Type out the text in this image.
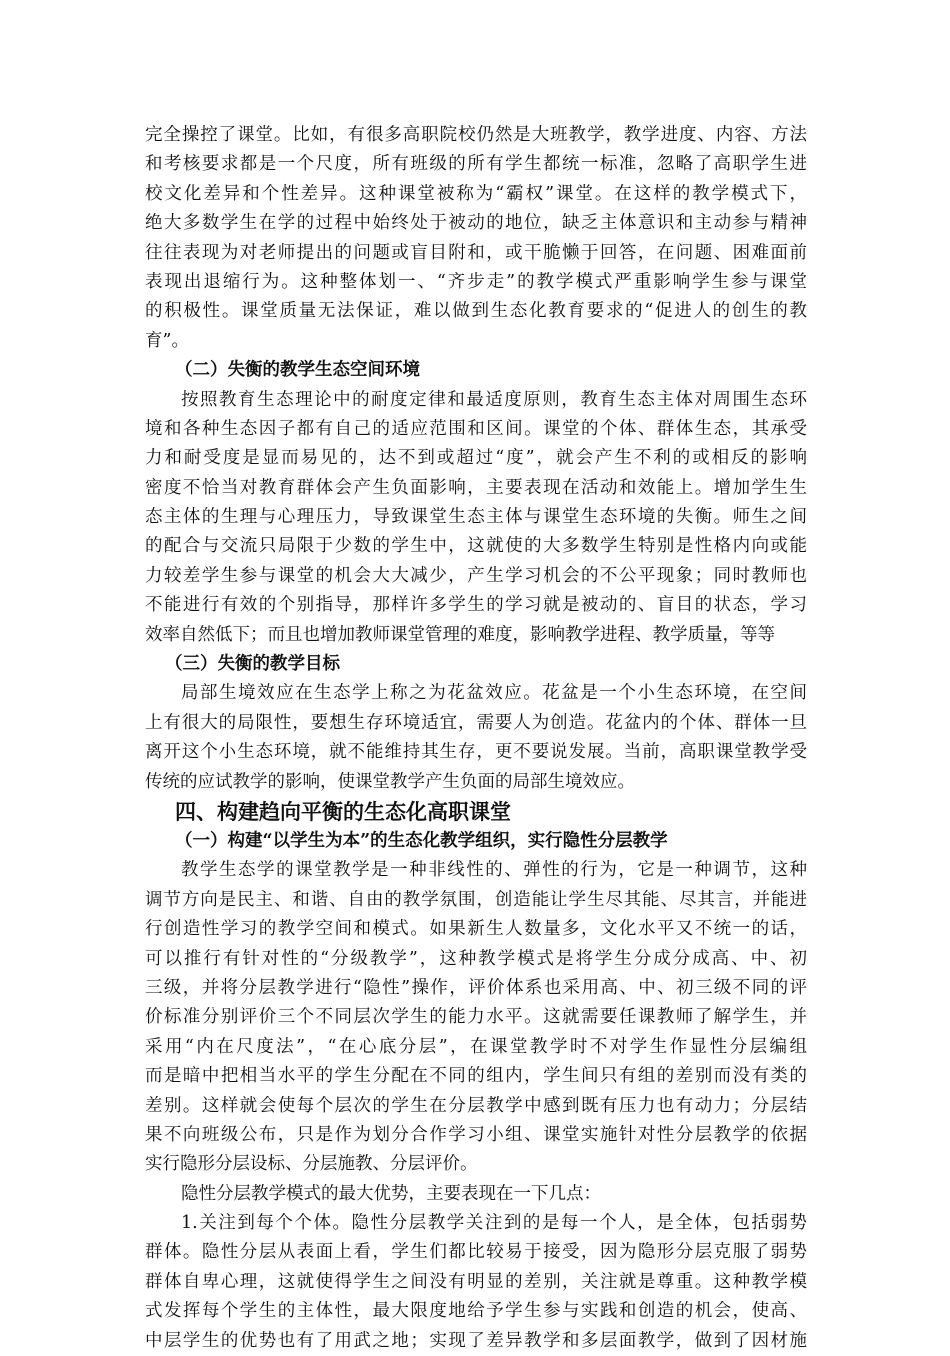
完全操控了课堂。比如，有很多高职院校仍然是大班教学，教学进度、内容、方法
和考核要求都是一个尺度，所有班级的所有学生都统一标准，忽略了高职学生进
校文化差异和个性差异。这种课堂被称为“霸权”课堂。在这样的教学模式下，
绝大多数学生在学的过程中始终处于被动的地位，缺乏主体意识和主动参与精神
往往表现为对老师提出的问题或盲目附和，或干脆懒于回答，在问题、困难面前
表现出退缩行为。这种整体划一、“齐步走”的教学模式严重影响学生参与课堂
的积极性。课堂质量无法保证，难以做到生态化教育要求的“促进人的创生的教
育”。
（二）失衡的教学生态空间环境
按照教育生态理论中的耐度定律和最适度原则，教育生态主体对周围生态环
境和各种生态因子都有自己的适应范围和区间。课堂的个体、群体生态，其承受
力和耐受度是显而易见的，达不到或超过“度”，就会产生不利的或相反的影响
密度不恰当对教育群体会产生负面影响，主要表现在活动和效能上。增加学生生
态主体的生理与心理压力，导致课堂生态主体与课堂生态环境的失衡。师生之间
的配合与交流只局限于少数的学生中，这就使的大多数学生特别是性格内向或能
力较差学生参与课堂的机会大大减少，产生学习机会的不公平现象；同时教师也
不能进行有效的个别指导，那样许多学生的学习就是被动的、盲目的状态，学习
效率自然低下；而且也增加教师课堂管理的难度，影响教学进程、教学质量，等等
（三）失衡的教学目标
局部生境效应在生态学上称之为花盆效应。花盆是一个小生态环境，在空间
上有很大的局限性，要想生存环境适宜，需要人为创造。花盆内的个体、群体一旦
离开这个小生态环境，就不能维持其生存，更不要说发展。当前，高职课堂教学受
传统的应试教学的影响，使课堂教学产生负面的局部生境效应。
四、构建趋向平衡的生态化高职课堂
（一）构建“以学生为本”的生态化教学组织，实行隐性分层教学
教学生态学的课堂教学是一种非线性的、弹性的行为，它是一种调节，这种
调节方向是民主、和谐、自由的教学氛围，创造能让学生尽其能、尽其言，并能进
行创造性学习的教学空间和模式。如果新生人数量多，文化水平又不统一的话，
可以推行有针对性的“分级教学”，这种教学模式是将学生分成分成高、中、初
三级，并将分层教学进行“隐性”操作，评价体系也采用高、中、初三级不同的评
价标准分别评价三个不同层次学生的能力水平。这就需要任课教师了解学生，并
采用“内在尺度法”，“在心底分层”，在课堂教学时不对学生作显性分层编组
而是暗中把相当水平的学生分配在不同的组内，学生间只有组的差别而没有类的
差别。这样就会使每个层次的学生在分层教学中感到既有压力也有动力；分层结
果不向班级公布，只是作为划分合作学习小组、课堂实施针对性分层教学的依据
实行隐形分层设标、分层施教、分层评价。
隐性分层教学模式的最大优势，主要表现在一下几点：
1.关注到每个个体。隐性分层教学关注到的是每一个人，是全体，包括弱势
群体。隐性分层从表面上看，学生们都比较易于接受，因为隐形分层克服了弱势
群体自卑心理，这就使得学生之间没有明显的差别，关注就是尊重。这种教学模
式发挥每个学生的主体性，最大限度地给予学生参与实践和创造的机会，使高、
中层学生的优势也有了用武之地；实现了差异教学和多层面教学，做到了因材施
